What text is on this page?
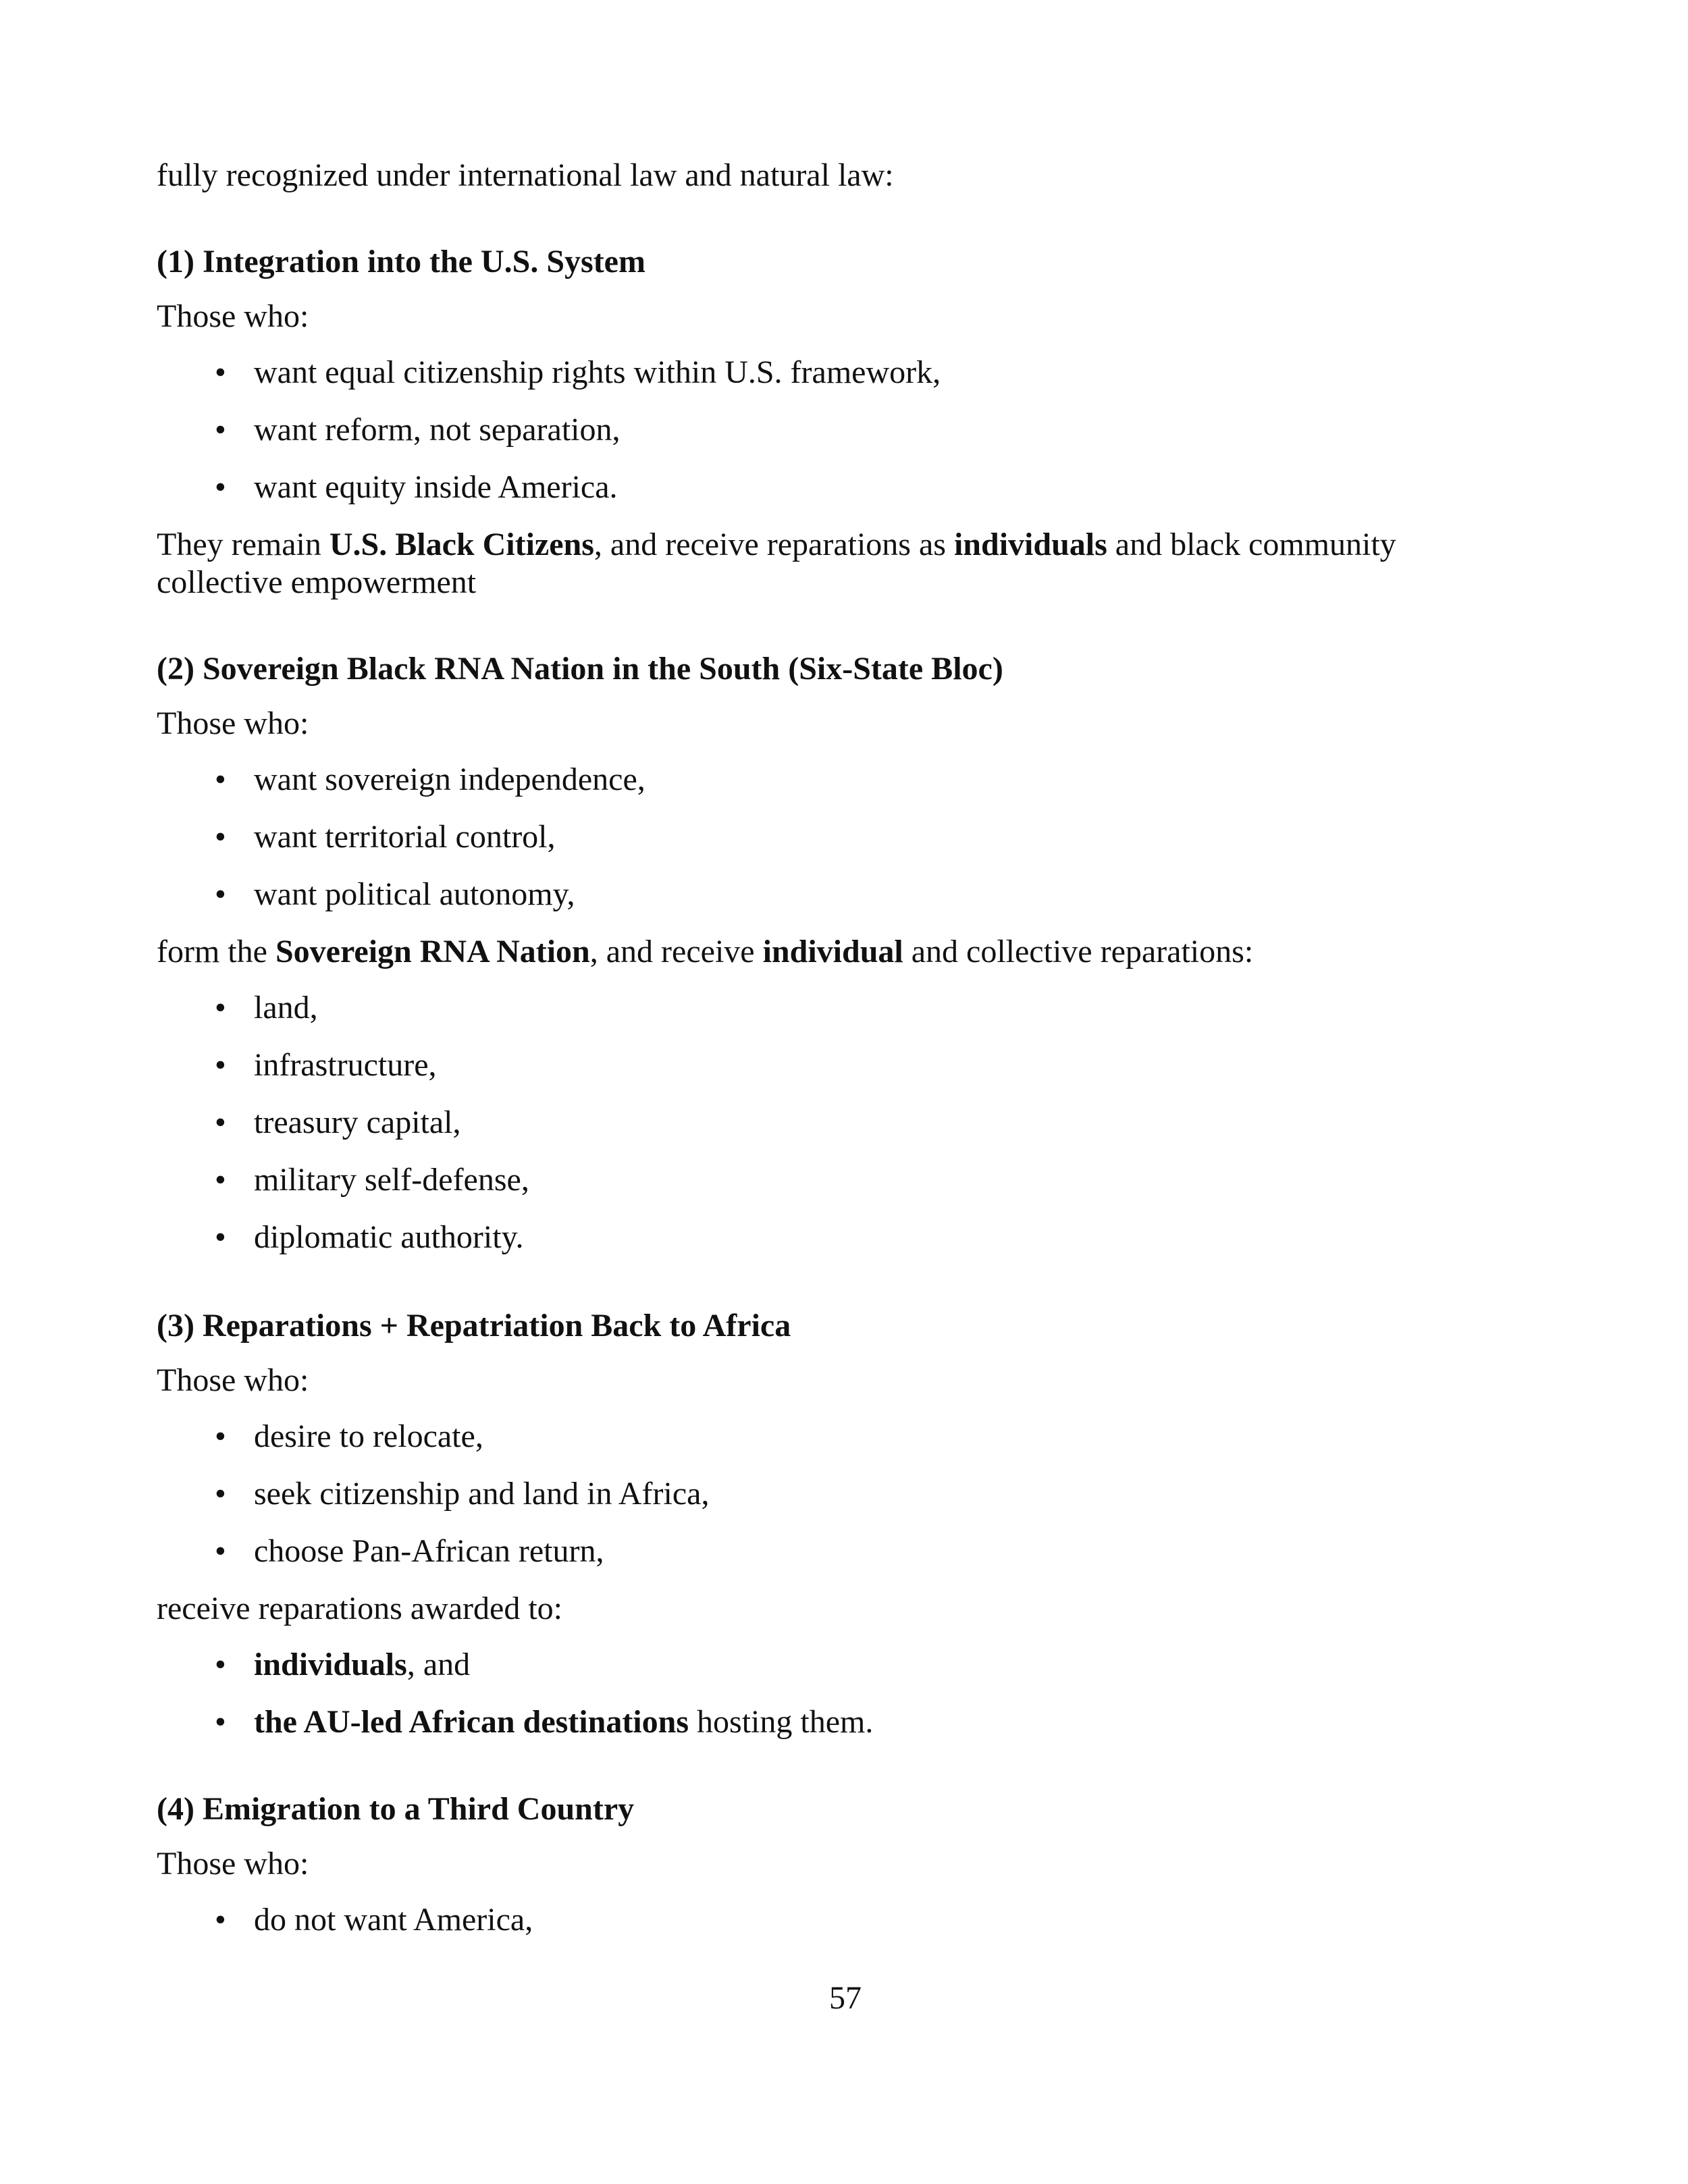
fully recognized under international law and natural law:
(1) Integration into the U.S. System
Those who:
• want equal citizenship rights within U.S. framework,
• want reform, not separation,
• want equity inside America.
They remain U.S. Black Citizens, and receive reparations as individuals and black community
collective empowerment
(2) Sovereign Black RNA Nation in the South (Six-State Bloc)
Those who:
• want sovereign independence,
• want territorial control,
• want political autonomy,
form the Sovereign RNA Nation, and receive individual and collective reparations:
• land,
• infrastructure,
• treasury capital,
• military self-defense,
• diplomatic authority.
(3) Reparations + Repatriation Back to Africa
Those who:
• desire to relocate,
• seek citizenship and land in Africa,
• choose Pan-African return,
receive reparations awarded to:
• individuals, and
• the AU-led African destinations hosting them.
(4) Emigration to a Third Country
Those who:
• do not want America,
57
